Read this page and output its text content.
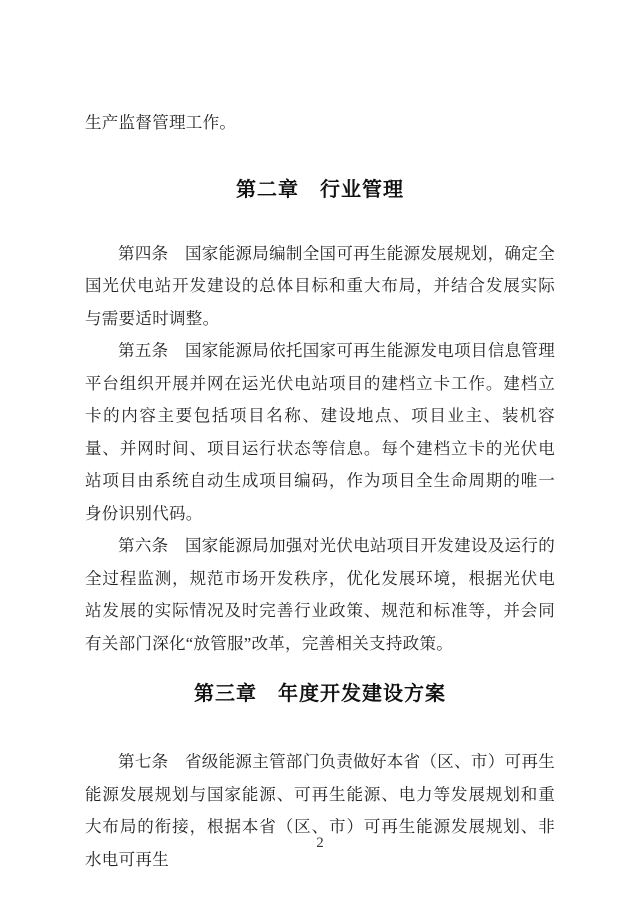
生产监督管理工作。

第二章　行业管理

第四条 国家能源局编制全国可再生能源发展规划，确定全国光伏电站开发建设的总体目标和重大布局，并结合发展实际与需要适时调整。

第五条 国家能源局依托国家可再生能源发电项目信息管理平台组织开展并网在运光伏电站项目的建档立卡工作。建档立卡的内容主要包括项目名称、建设地点、项目业主、装机容量、并网时间、项目运行状态等信息。每个建档立卡的光伏电站项目由系统自动生成项目编码，作为项目全生命周期的唯一身份识别代码。

第六条 国家能源局加强对光伏电站项目开发建设及运行的全过程监测，规范市场开发秩序，优化发展环境，根据光伏电站发展的实际情况及时完善行业政策、规范和标准等，并会同有关部门深化“放管服”改革，完善相关支持政策。

第三章　年度开发建设方案

第七条 省级能源主管部门负责做好本省（区、市）可再生能源发展规划与国家能源、可再生能源、电力等发展规划和重大布局的衔接，根据本省（区、市）可再生能源发展规划、非水电可再生

2
